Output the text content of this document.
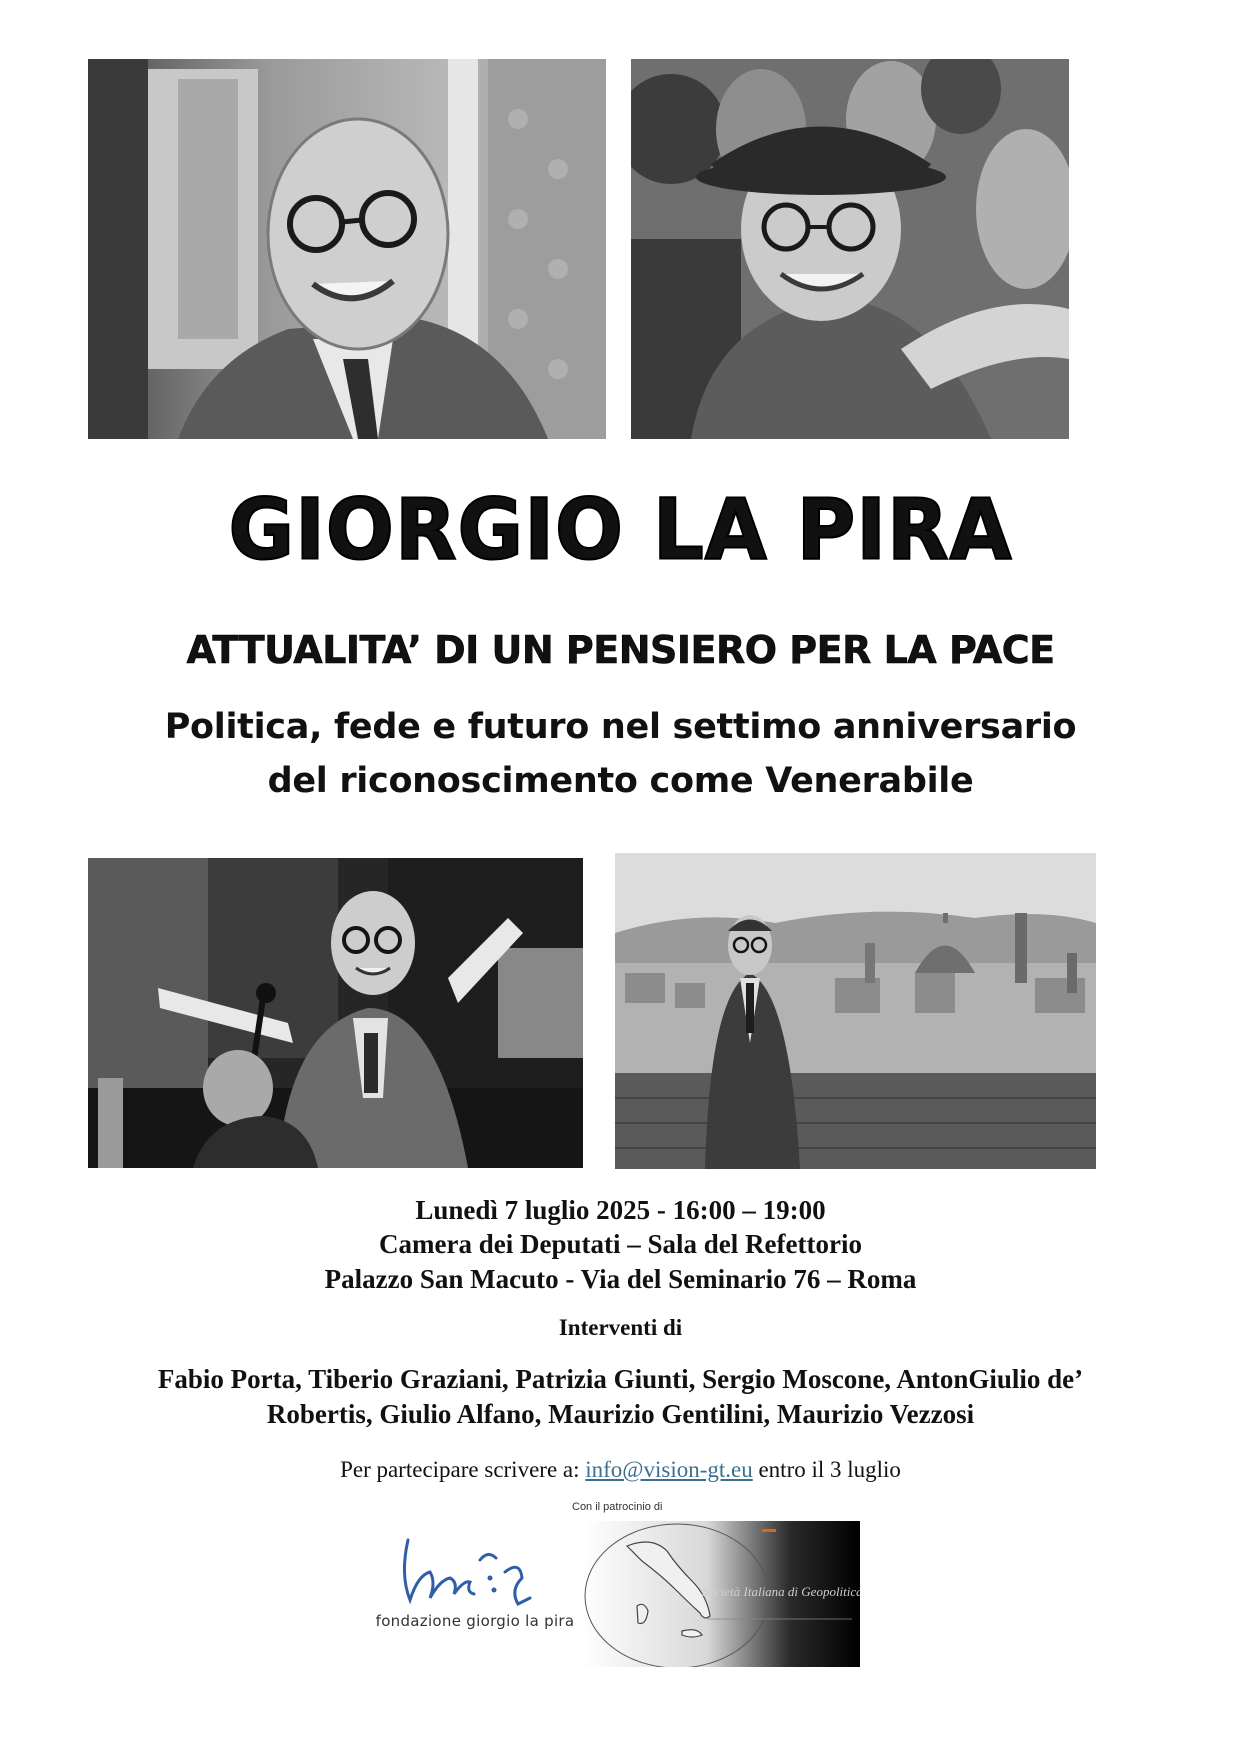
GIORGIO LA PIRA
ATTUALITA’ DI UN PENSIERO PER LA PACE

Politica, fede e futuro nel settimo anniversario

del riconoscimento come Venerabile

Lunedì 7 luglio 2025 - 16:00 – 19:00

Camera dei Deputati – Sala del Refettorio

Palazzo San Macuto - Via del Seminario 76 – Roma

Interventi di

Fabio Porta, Tiberio Graziani, Patrizia Giunti, Sergio Moscone, AntonGiulio de’

Robertis, Giulio Alfano, Maurizio Gentilini, Maurizio Vezzosi

Per partecipare scrivere a: info@vision-gt.eu entro il 3 luglio

fondazione giorgio la pira
Con il patrocinio di
Società Italiana di Geopolitica
